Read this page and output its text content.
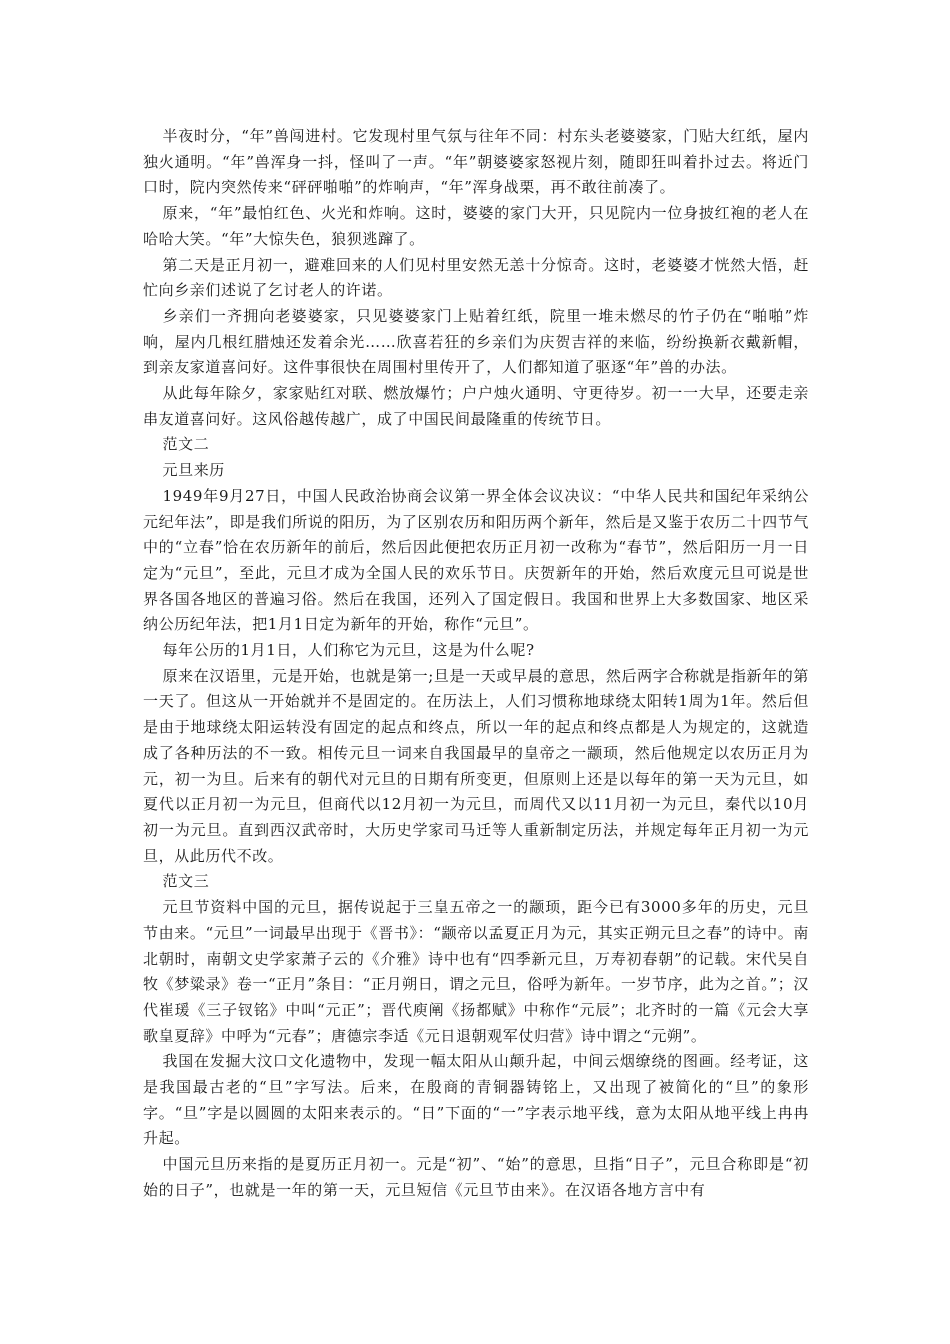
半夜时分，“年”兽闯进村。它发现村里气氛与往年不同：村东头老婆婆家，门贴大红纸，屋内独火通明。“年”兽浑身一抖，怪叫了一声。“年”朝婆婆家怒视片刻，随即狂叫着扑过去。将近门口时，院内突然传来“砰砰啪啪”的炸响声，“年”浑身战栗，再不敢往前凑了。

原来，“年”最怕红色、火光和炸响。这时，婆婆的家门大开，只见院内一位身披红袍的老人在哈哈大笑。“年”大惊失色，狼狈逃蹿了。

第二天是正月初一，避难回来的人们见村里安然无恙十分惊奇。这时，老婆婆才恍然大悟，赶忙向乡亲们述说了乞讨老人的许诺。

乡亲们一齐拥向老婆婆家，只见婆婆家门上贴着红纸，院里一堆未燃尽的竹子仍在“啪啪”炸响，屋内几根红腊烛还发着余光……欣喜若狂的乡亲们为庆贺吉祥的来临，纷纷换新衣戴新帽，到亲友家道喜问好。这件事很快在周围村里传开了，人们都知道了驱逐“年”兽的办法。

从此每年除夕，家家贴红对联、燃放爆竹；户户烛火通明、守更待岁。初一一大早，还要走亲串友道喜问好。这风俗越传越广，成了中国民间最隆重的传统节日。

范文二

元旦来历

1949年9月27日，中国人民政治协商会议第一界全体会议决议：“中华人民共和国纪年采纳公元纪年法”，即是我们所说的阳历，为了区别农历和阳历两个新年，然后是又鉴于农历二十四节气中的“立春”恰在农历新年的前后，然后因此便把农历正月初一改称为“春节”，然后阳历一月一日定为“元旦”，至此，元旦才成为全国人民的欢乐节日。庆贺新年的开始，然后欢度元旦可说是世界各国各地区的普遍习俗。然后在我国，还列入了国定假日。我国和世界上大多数国家、地区采纳公历纪年法，把1月1日定为新年的开始，称作“元旦”。

每年公历的1月1日，人们称它为元旦，这是为什么呢?

原来在汉语里，元是开始，也就是第一;旦是一天或早晨的意思，然后两字合称就是指新年的第一天了。但这从一开始就并不是固定的。在历法上，人们习惯称地球绕太阳转1周为1年。然后但是由于地球绕太阳运转没有固定的起点和终点，所以一年的起点和终点都是人为规定的，这就造成了各种历法的不一致。相传元旦一词来自我国最早的皇帝之一颛顼，然后他规定以农历正月为元，初一为旦。后来有的朝代对元旦的日期有所变更，但原则上还是以每年的第一天为元旦，如夏代以正月初一为元旦，但商代以12月初一为元旦，而周代又以11月初一为元旦，秦代以10月初一为元旦。直到西汉武帝时，大历史学家司马迁等人重新制定历法，并规定每年正月初一为元旦，从此历代不改。

范文三

元旦节资料中国的元旦，据传说起于三皇五帝之一的颛顼，距今已有3000多年的历史，元旦节由来。“元旦”一词最早出现于《晋书》：“颛帝以孟夏正月为元，其实正朔元旦之春”的诗中。南北朝时，南朝文史学家萧子云的《介雅》诗中也有“四季新元旦，万寿初春朝”的记载。宋代吴自牧《梦粱录》卷一“正月”条目：“正月朔日，谓之元旦，俗呼为新年。一岁节序，此为之首。”；汉代崔瑗《三子钗铭》中叫“元正”；晋代庾阐《扬都赋》中称作“元辰”；北齐时的一篇《元会大享歌皇夏辞》中呼为“元春”；唐德宗李适《元日退朝观军仗归营》诗中谓之“元朔”。

我国在发掘大汶口文化遗物中，发现一幅太阳从山颠升起，中间云烟缭绕的图画。经考证，这是我国最古老的“旦”字写法。后来，在殷商的青铜器铸铭上，又出现了被简化的“旦”的象形字。“旦”字是以圆圆的太阳来表示的。“日”下面的“一”字表示地平线，意为太阳从地平线上冉冉升起。

中国元旦历来指的是夏历正月初一。元是“初”、“始”的意思，旦指“日子”，元旦合称即是“初始的日子”，也就是一年的第一天，元旦短信《元旦节由来》。在汉语各地方言中有
